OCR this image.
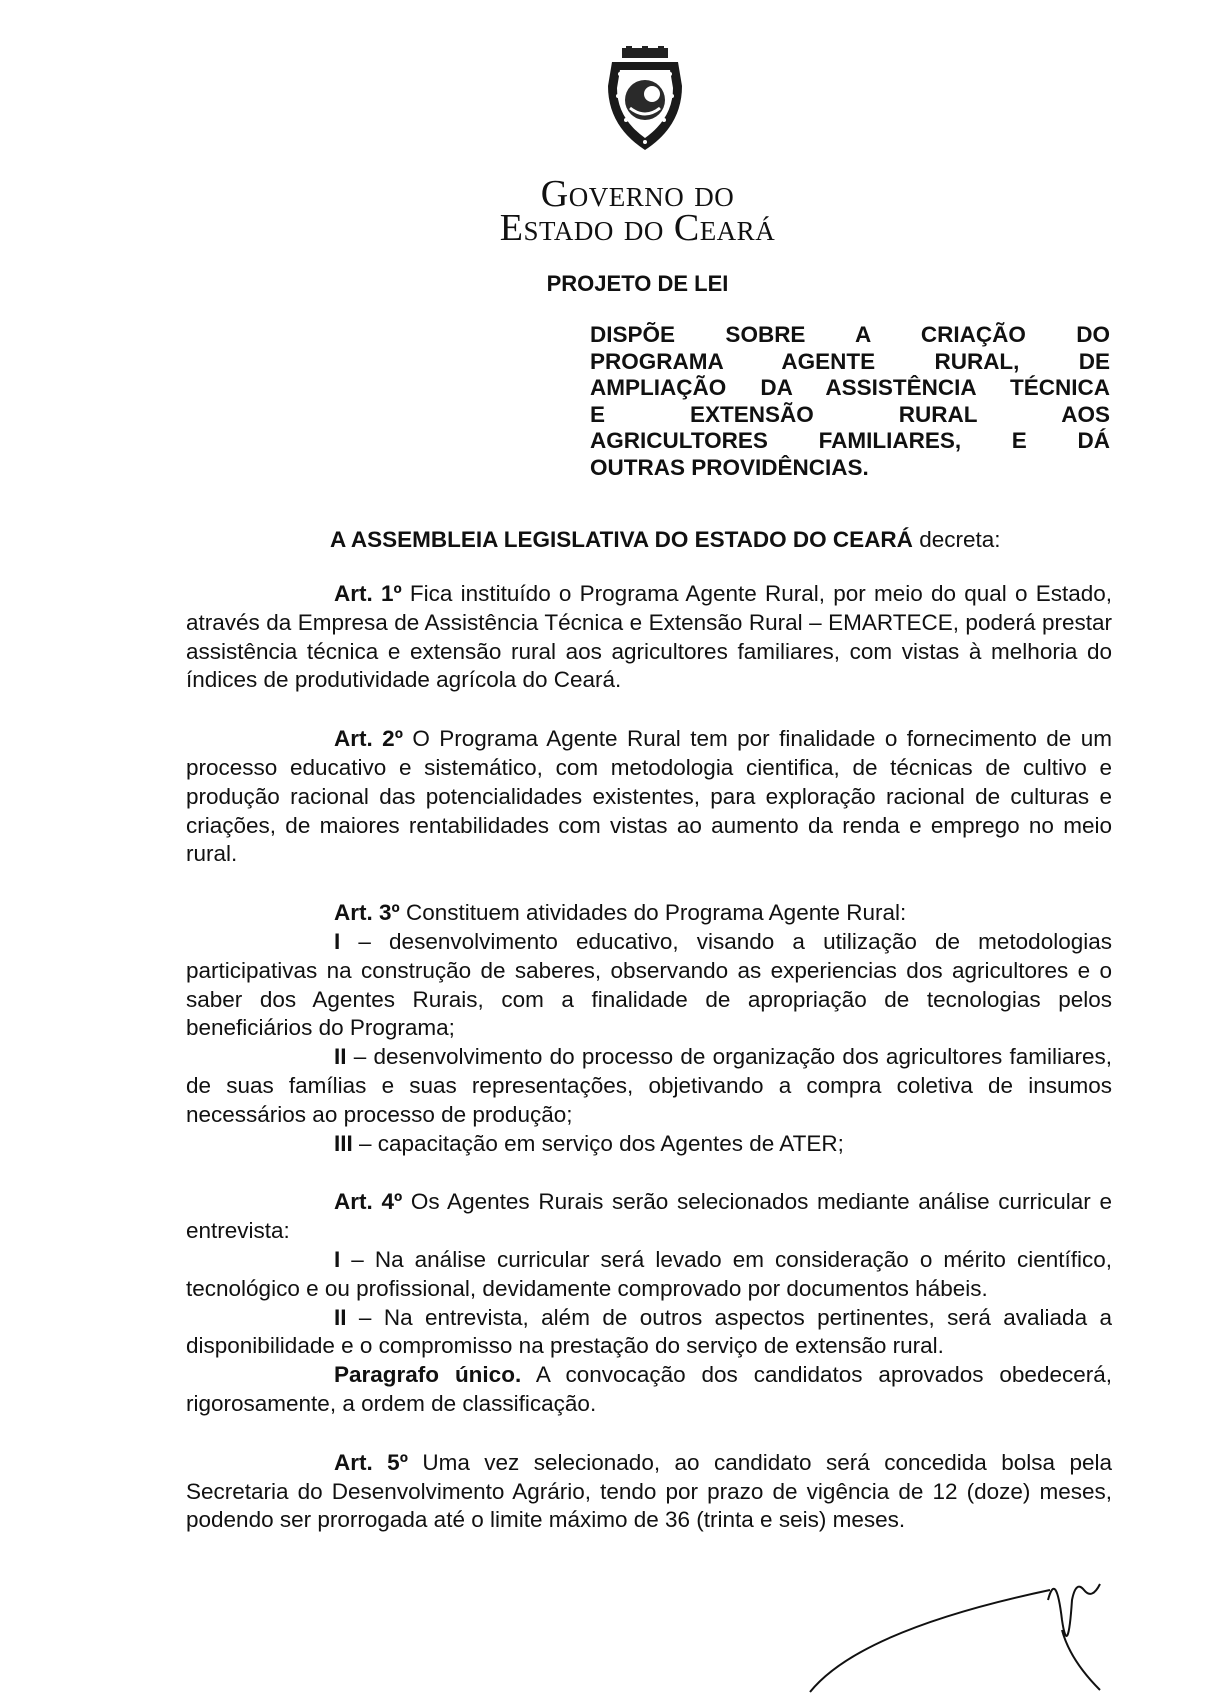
Governo do
Estado do Ceará
PROJETO DE LEI
DISPÕE SOBRE A CRIAÇÃO DO
PROGRAMA AGENTE RURAL, DE
AMPLIAÇÃO DA ASSISTÊNCIA TÉCNICA
E EXTENSÃO RURAL AOS
AGRICULTORES FAMILIARES, E DÁ
OUTRAS PROVIDÊNCIAS.
A ASSEMBLEIA LEGISLATIVA DO ESTADO DO CEARÁ decreta:

Art. 1º Fica instituído o Programa Agente Rural, por meio do qual o Estado, através da Empresa de Assistência Técnica e Extensão Rural – EMARTECE, poderá prestar assistência técnica e extensão rural aos agricultores familiares, com vistas à melhoria do índices de produtividade agrícola do Ceará.

Art. 2º O Programa Agente Rural tem por finalidade o fornecimento de um processo educativo e sistemático, com metodologia cientifica, de técnicas de cultivo e produção racional das potencialidades existentes, para exploração racional de culturas e criações, de maiores rentabilidades com vistas ao aumento da renda e emprego no meio rural.

Art. 3º Constituem atividades do Programa Agente Rural:

I – desenvolvimento educativo, visando a utilização de metodologias participativas na construção de saberes, observando as experiencias dos agricultores e o saber dos Agentes Rurais, com a finalidade de apropriação de tecnologias pelos beneficiários do Programa;

II – desenvolvimento do processo de organização dos agricultores familiares, de suas famílias e suas representações, objetivando a compra coletiva de insumos necessários ao processo de produção;

III – capacitação em serviço dos Agentes de ATER;

Art. 4º Os Agentes Rurais serão selecionados mediante análise curricular e entrevista:

I – Na análise curricular será levado em consideração o mérito científico, tecnológico e ou profissional, devidamente comprovado por documentos hábeis.

II – Na entrevista, além de outros aspectos pertinentes, será avaliada a disponibilidade e o compromisso na prestação do serviço de extensão rural.

Paragrafo único. A convocação dos candidatos aprovados obedecerá, rigorosamente, a ordem de classificação.

Art. 5º Uma vez selecionado, ao candidato será concedida bolsa pela Secretaria do Desenvolvimento Agrário, tendo por prazo de vigência de 12 (doze) meses, podendo ser prorrogada até o limite máximo de 36 (trinta e seis) meses.
